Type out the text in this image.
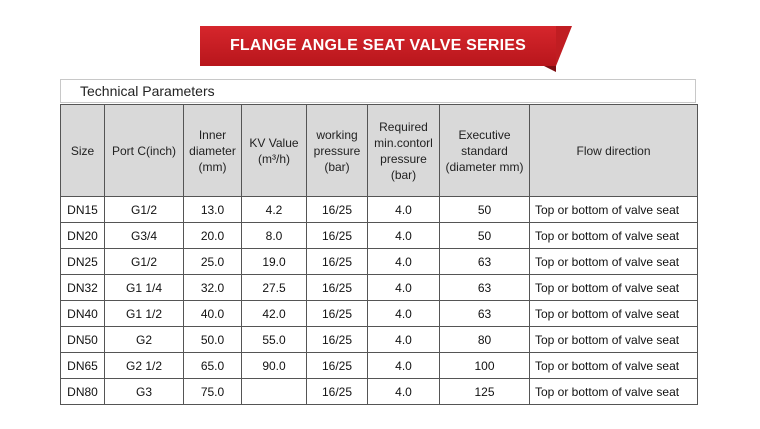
FLANGE ANGLE SEAT VALVE SERIES
Technical Parameters
Size	Port C(inch)	Inner diameter (mm)	KV Value (m³/h)	working pressure (bar)	Required min.contorl pressure (bar)	Executive standard (diameter mm)	Flow direction
DN15	G1/2	13.0	4.2	16/25	4.0	50	Top or bottom of valve seat
DN20	G3/4	20.0	8.0	16/25	4.0	50	Top or bottom of valve seat
DN25	G1/2	25.0	19.0	16/25	4.0	63	Top or bottom of valve seat
DN32	G1 1/4	32.0	27.5	16/25	4.0	63	Top or bottom of valve seat
DN40	G1 1/2	40.0	42.0	16/25	4.0	63	Top or bottom of valve seat
DN50	G2	50.0	55.0	16/25	4.0	80	Top or bottom of valve seat
DN65	G2 1/2	65.0	90.0	16/25	4.0	100	Top or bottom of valve seat
DN80	G3	75.0		16/25	4.0	125	Top or bottom of valve seat
